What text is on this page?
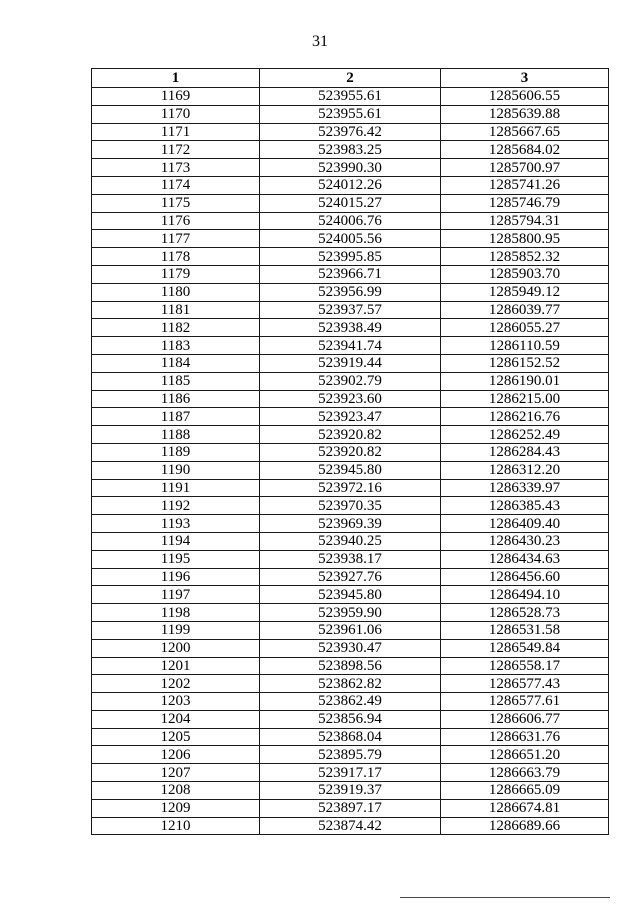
31
1	2	3
1169	523955.61	1285606.55
1170	523955.61	1285639.88
1171	523976.42	1285667.65
1172	523983.25	1285684.02
1173	523990.30	1285700.97
1174	524012.26	1285741.26
1175	524015.27	1285746.79
1176	524006.76	1285794.31
1177	524005.56	1285800.95
1178	523995.85	1285852.32
1179	523966.71	1285903.70
1180	523956.99	1285949.12
1181	523937.57	1286039.77
1182	523938.49	1286055.27
1183	523941.74	1286110.59
1184	523919.44	1286152.52
1185	523902.79	1286190.01
1186	523923.60	1286215.00
1187	523923.47	1286216.76
1188	523920.82	1286252.49
1189	523920.82	1286284.43
1190	523945.80	1286312.20
1191	523972.16	1286339.97
1192	523970.35	1286385.43
1193	523969.39	1286409.40
1194	523940.25	1286430.23
1195	523938.17	1286434.63
1196	523927.76	1286456.60
1197	523945.80	1286494.10
1198	523959.90	1286528.73
1199	523961.06	1286531.58
1200	523930.47	1286549.84
1201	523898.56	1286558.17
1202	523862.82	1286577.43
1203	523862.49	1286577.61
1204	523856.94	1286606.77
1205	523868.04	1286631.76
1206	523895.79	1286651.20
1207	523917.17	1286663.79
1208	523919.37	1286665.09
1209	523897.17	1286674.81
1210	523874.42	1286689.66
